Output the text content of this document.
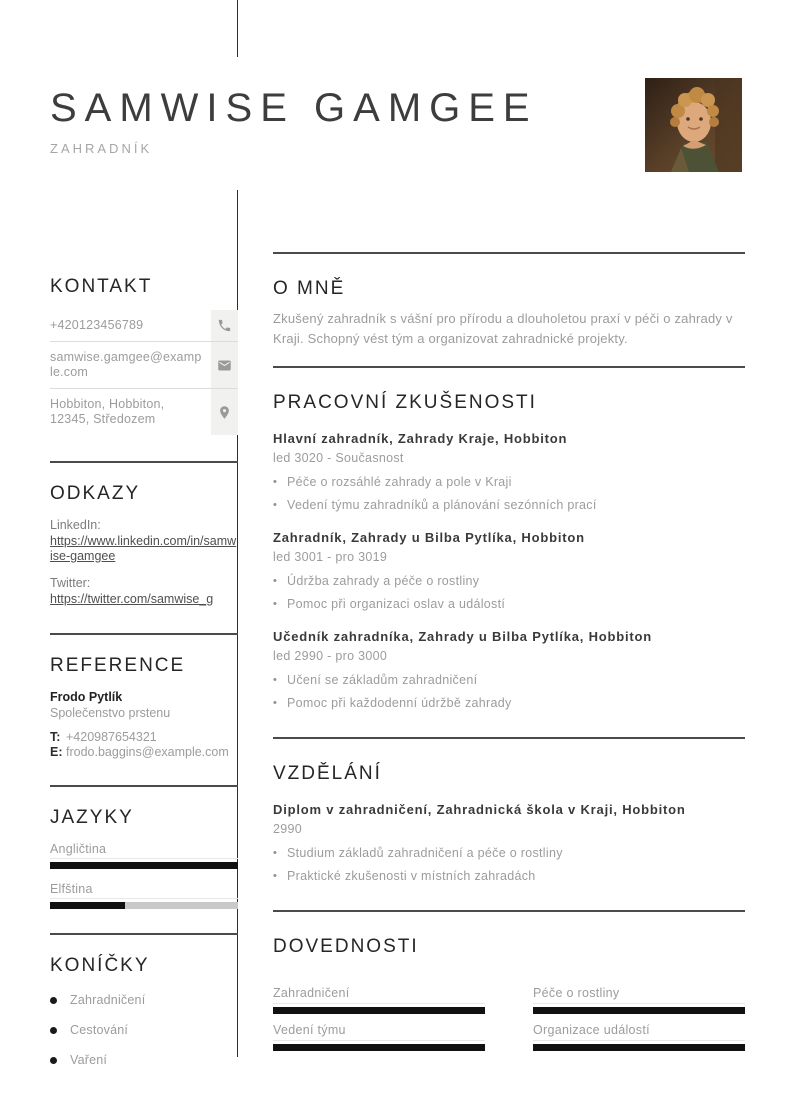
SAMWISE GAMGEE
ZAHRADNÍK
KONTAKT
+420123456789
samwise.gamgee@example.com
Hobbiton, Hobbiton, 12345, Středozem
ODKAZY
LinkedIn:
https://www.linkedin.com/in/samwise-gamgee
Twitter:
https://twitter.com/samwise_g
REFERENCE
Frodo Pytlík
Společenstvo prstenu
T: +420987654321
E: frodo.baggins@example.com
JAZYKY
Angličtina
Elfština
KONÍČKY
Zahradničení
Cestování
Vaření
O MNĚ

Zkušený zahradník s vášní pro přírodu a dlouholetou praxí v péči o zahrady v Kraji. Schopný vést tým a organizovat zahradnické projekty.

PRACOVNÍ ZKUŠENOSTI
Hlavní zahradník, Zahrady Kraje, Hobbiton
led 3020 - Současnost
• Péče o rozsáhlé zahrady a pole v Kraji
• Vedení týmu zahradníků a plánování sezónních prací
Zahradník, Zahrady u Bilba Pytlíka, Hobbiton
led 3001 - pro 3019
• Údržba zahrady a péče o rostliny
• Pomoc při organizaci oslav a událostí
Učedník zahradníka, Zahrady u Bilba Pytlíka, Hobbiton
led 2990 - pro 3000
• Učení se základům zahradničení
• Pomoc při každodenní údržbě zahrady
VZDĚLÁNÍ
Diplom v zahradničení, Zahradnická škola v Kraji, Hobbiton
2990
• Studium základů zahradničení a péče o rostliny
• Praktické zkušenosti v místních zahradách
DOVEDNOSTI
Zahradničení	Péče o rostliny
Vedení týmu	Organizace událostí
